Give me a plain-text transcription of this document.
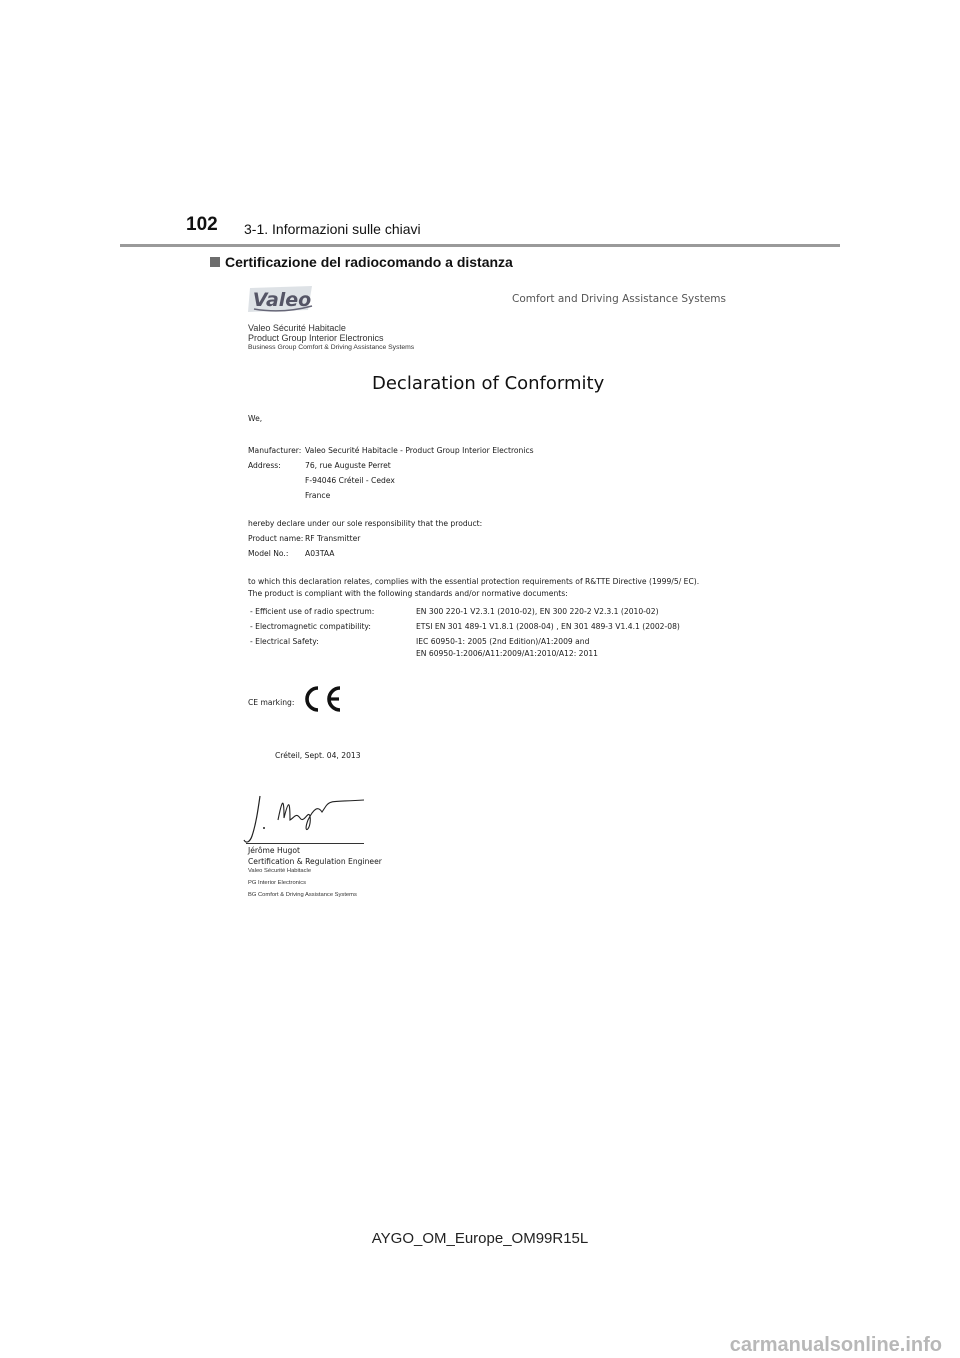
102 3-1. Informazioni sulle chiavi
Certificazione del radiocomando a distanza
Valeo	Comfort and Driving Assistance Systems
Valeo Sécurité Habitacle
Product Group Interior Electronics
Business Group Comfort & Driving Assistance Systems
Declaration of Conformity
We,
Manufacturer: Valeo Securité Habitacle - Product Group Interior Electronics
Address:	76, rue Auguste Perret
F-94046 Créteil - Cedex
France
hereby declare under our sole responsibility that the product:
Product name: RF Transmitter
Model No.: A03TAA
to which this declaration relates, complies with the essential protection requirements of R&TTE Directive (1999/5/ EC).
The product is compliant with the following standards and/or normative documents:
- Efficient use of radio spectrum:	EN 300 220-1 V2.3.1 (2010-02), EN 300 220-2 V2.3.1 (2010-02)
- Electromagnetic compatibility:	ETSI EN 301 489-1 V1.8.1 (2008-04) , EN 301 489-3 V1.4.1 (2002-08)
- Electrical Safety:	IEC 60950-1: 2005 (2nd Edition)/A1:2009 and
EN 60950-1:2006/A11:2009/A1:2010/A12: 2011
CE marking:
Créteil, Sept. 04, 2013
Jérôme Hugot
Certification & Regulation Engineer
Valeo Sécurité Habitacle
PG Interior Electronics
BG Comfort & Driving Assistance Systems
AYGO_OM_Europe_OM99R15L
carmanualsonline.info
